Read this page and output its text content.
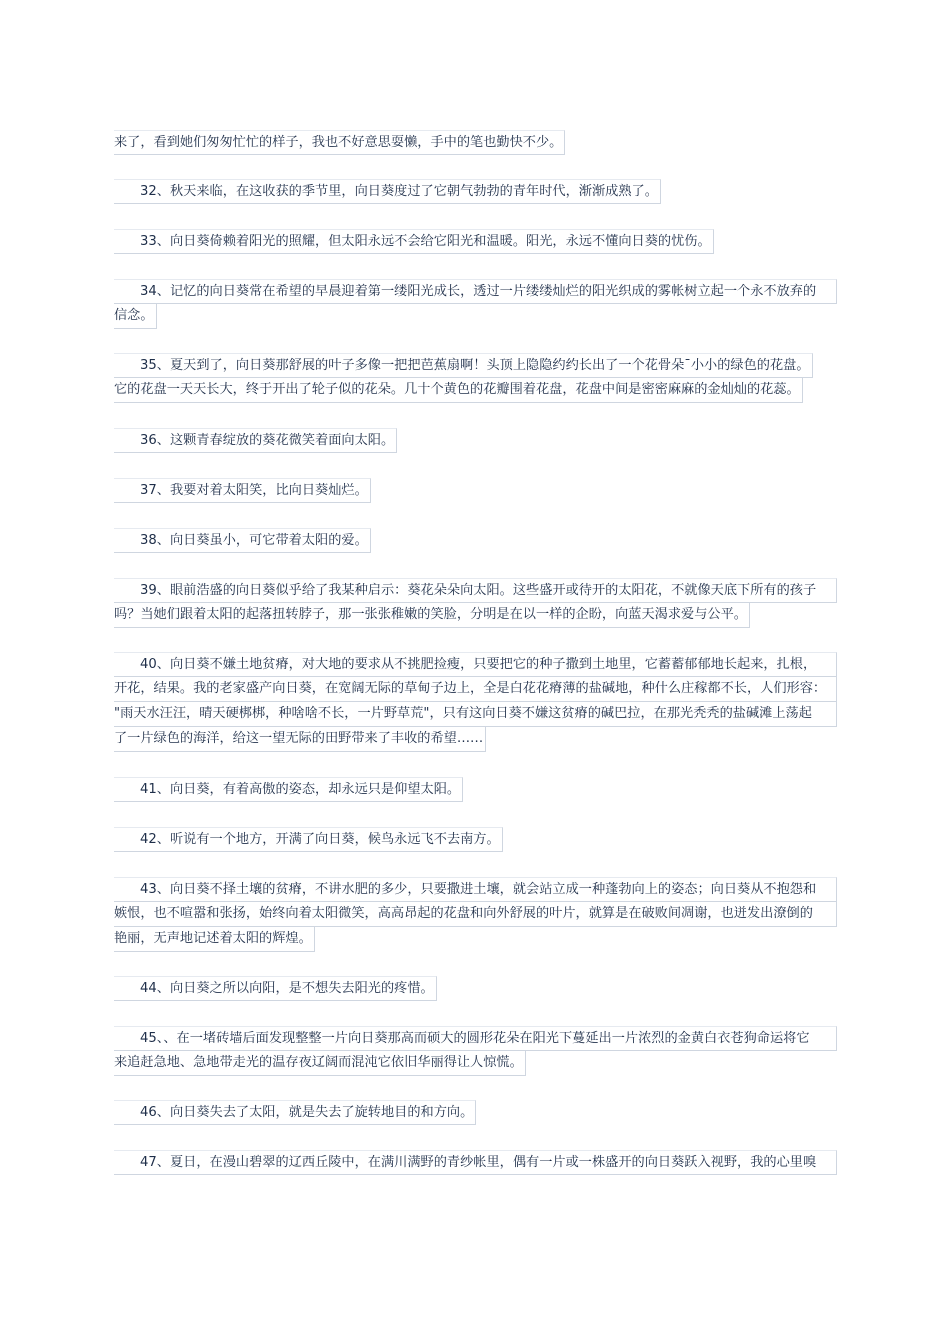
来了，看到她们匆匆忙忙的样子，我也不好意思耍懒，手中的笔也勤快不少。
32、秋天来临，在这收获的季节里，向日葵度过了它朝气勃勃的青年时代，渐渐成熟了。
33、向日葵倚赖着阳光的照耀，但太阳永远不会给它阳光和温暖。阳光，永远不懂向日葵的忧伤。
34、记忆的向日葵常在希望的早晨迎着第一缕阳光成长，透过一片缕缕灿烂的阳光织成的雾帐树立起一个永不放弃的
信念。
35、夏天到了，向日葵那舒展的叶子多像一把把芭蕉扇啊！头顶上隐隐约约长出了一个花骨朵¯小小的绿色的花盘。
它的花盘一天天长大，终于开出了轮子似的花朵。几十个黄色的花瓣围着花盘，花盘中间是密密麻麻的金灿灿的花蕊。
36、这颗青春绽放的葵花微笑着面向太阳。
37、我要对着太阳笑，比向日葵灿烂。
38、向日葵虽小，可它带着太阳的爱。
39、眼前浩盛的向日葵似乎给了我某种启示：葵花朵朵向太阳。这些盛开或待开的太阳花，不就像天底下所有的孩子
吗？当她们跟着太阳的起落扭转脖子，那一张张稚嫩的笑脸，分明是在以一样的企盼，向蓝天渴求爱与公平。
40、向日葵不嫌土地贫瘠，对大地的要求从不挑肥捡瘦，只要把它的种子撒到土地里，它蓄蓄郁郁地长起来，扎根，
开花，结果。我的老家盛产向日葵，在宽阔无际的草甸子边上，全是白花花瘠薄的盐碱地，种什么庄稼都不长，人们形容：
"雨天水汪汪，晴天硬梆梆，种啥啥不长，一片野草荒"，只有这向日葵不嫌这贫瘠的碱巴拉，在那光秃秃的盐碱滩上荡起
了一片绿色的海洋，给这一望无际的田野带来了丰收的希望……
41、向日葵，有着高傲的姿态，却永远只是仰望太阳。
42、听说有一个地方，开满了向日葵，候鸟永远飞不去南方。
43、向日葵不择土壤的贫瘠，不讲水肥的多少，只要撒进土壤，就会站立成一种蓬勃向上的姿态；向日葵从不抱怨和
嫉恨，也不喧嚣和张扬，始终向着太阳微笑，高高昂起的花盘和向外舒展的叶片，就算是在破败间凋谢，也迸发出潦倒的
艳丽，无声地记述着太阳的辉煌。
44、向日葵之所以向阳，是不想失去阳光的疼惜。
45、、在一堵砖墙后面发现整整一片向日葵那高而硕大的圆形花朵在阳光下蔓延出一片浓烈的金黄白衣苍狗命运将它
来追赶急地、急地带走光的温存夜辽阔而混沌它依旧华丽得让人惊慌。
46、向日葵失去了太阳，就是失去了旋转地目的和方向。
47、夏日，在漫山碧翠的辽西丘陵中，在满川满野的青纱帐里，偶有一片或一株盛开的向日葵跃入视野，我的心里嗅
